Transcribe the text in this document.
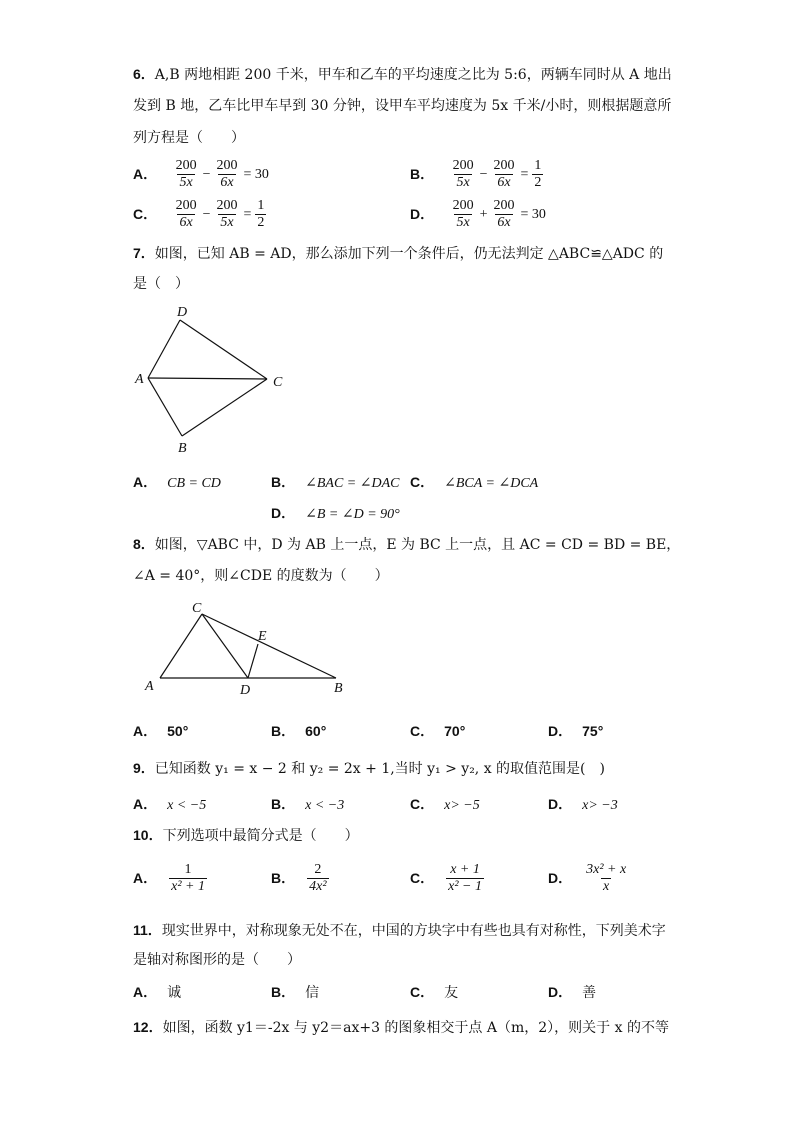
6．A,B 两地相距 200 千米，甲车和乙车的平均速度之比为 5:6，两辆车同时从 A 地出
发到 B 地，乙车比甲车早到 30 分钟，设甲车平均速度为 5x 千米/小时，则根据题意所
列方程是（　　）
A． $\frac{200}{5x} - \frac{200}{6x} = 30$	B． $\frac{200}{5x} - \frac{200}{6x} = \frac{1}{2}$
C． $\frac{200}{6x} - \frac{200}{5x} = \frac{1}{2}$	D． $\frac{200}{5x} + \frac{200}{6x} = 30$
7．如图，已知 AB = AD，那么添加下列一个条件后，仍无法判定 △ABC≌△ADC 的
是（　）
D
A	C
B
A． CB = CD	B． ∠BAC = ∠DAC C． ∠BCA = ∠DCA
D． ∠B = ∠D = 90°
8．如图，▽ABC 中，D 为 AB 上一点，E 为 BC 上一点，且 AC = CD = BD = BE，
∠A = 40°，则∠CDE 的度数为（　　）
C
E
A	D	B
A． 50°	B． 60°	C． 70°	D． 75°
9．已知函数 y₁ = x − 2 和 y₂ = 2x + 1,当时 y₁ > y₂, x 的取值范围是(　)
A． x < −5	B． x < −3	C． x> −5	D． x> −3
10．下列选项中最简分式是（　　）
A． $\frac{1}{\text{x² + 1}}$	B． $\frac{2}{\text{4x²}}$	C． $\frac{x + 1}{\text{x² − 1}}$	D． $\frac{\text{3x² + x}}{x}$
11．现实世界中，对称现象无处不在，中国的方块字中有些也具有对称性，下列美术字
是轴对称图形的是（　　）
A． 诚	B． 信	C． 友	D． 善
12．如图，函数 y1＝-2x 与 y2＝ax+3 的图象相交于点 A（m，2），则关于 x 的不等
